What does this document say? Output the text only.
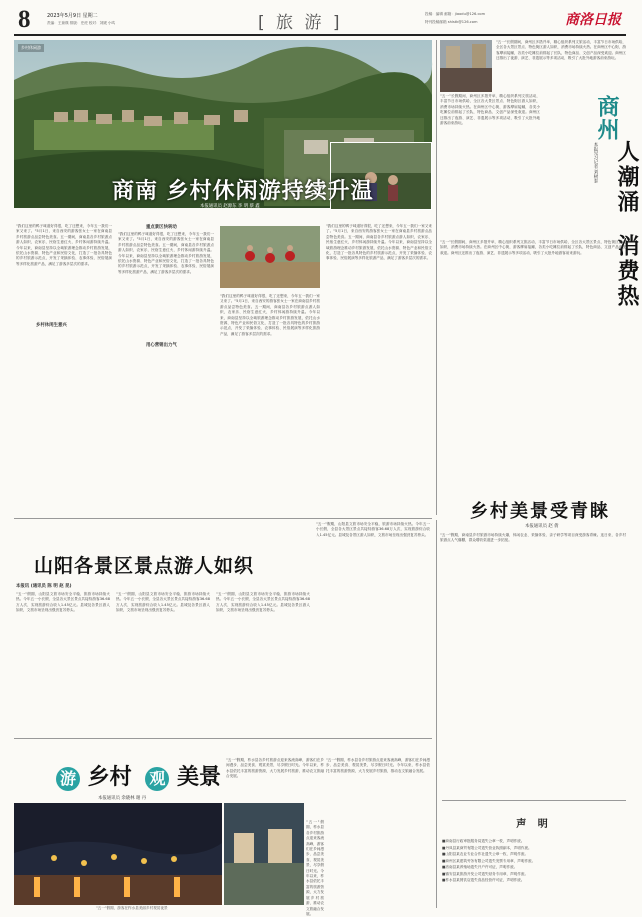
8	2023年5月9日 星期二
责编：王琼瑛 排版：史虎 校对：刘媛 小鸣	[ 旅 游 ]	投稿：编辑 邮箱：jiaodu@126.com
特刊投稿邮箱 shlstk@126.com	商洛日报
乡村休闲游
商南 乡村休闲游持续升温
本报通讯员 赵源东 李 明 蔡 鑫
"我们这里的鸭子味道好得很，吃了还想来，今年五一我们一家又来了。"5月1日，来自西安的游客张女士一家在商南县乡村旅游点品尝特色美食。五一期间，商南县各乡村旅游点游人如织，农家乐、民宿生意红火，乡村休闲游持续升温。今年以来，商南县坚持以全域旅游理念推动乡村旅游发展，依托山水资源、特色产业和民俗文化，打造了一批各具特色的乡村旅游示范点，开发了采摘体验、农事体验、民俗展演等多样化旅游产品，满足了游客多层次的需求。
乡村休闲生意兴
"我们这里的鸭子味道好得很，吃了还想来，今年五一我们一家又来了。"5月1日，来自西安的游客张女士一家在商南县乡村旅游点品尝特色美食。五一期间，商南县各乡村旅游点游人如织，农家乐、民宿生意红火，乡村休闲游持续升温。今年以来，商南县坚持以全域旅游理念推动乡村旅游发展，依托山水资源、特色产业和民俗文化，打造了一批各具特色的乡村旅游示范点，开发了采摘体验、农事体验、民俗展演等多样化旅游产品，满足了游客多层次的需求。
重点景区快转动
用心营销出力气
"我们这里的鸭子味道好得很，吃了还想来，今年五一我们一家又来了。"5月1日，来自西安的游客张女士一家在商南县乡村旅游点品尝特色美食。五一期间，商南县各乡村旅游点游人如织，农家乐、民宿生意红火，乡村休闲游持续升温。今年以来，商南县坚持以全域旅游理念推动乡村旅游发展，依托山水资源、特色产业和民俗文化，打造了一批各具特色的乡村旅游示范点，开发了采摘体验、农事体验、民俗展演等多样化旅游产品，满足了游客多层次的需求。
"我们这里的鸭子味道好得很，吃了还想来，今年五一我们一家又来了。"5月1日，来自西安的游客张女士一家在商南县乡村旅游点品尝特色美食。五一期间，商南县各乡村旅游点游人如织，农家乐、民宿生意红火，乡村休闲游持续升温。今年以来，商南县坚持以全域旅游理念推动乡村旅游发展，依托山水资源、特色产业和民俗文化，打造了一批各具特色的乡村旅游示范点，开发了采摘体验、农事体验、民俗展演等多样化旅游产品，满足了游客多层次的需求。
"五一"长假期间，商州区多措并举，精心组织系列文旅活动，丰富节日市场供给，全区各大景区景点、特色街区游人如织，消费市场持续火热。在商州区中心街，游客摩肩接踵，各类小吃摊位前排起了长队，特色商品、文创产品深受欢迎。商州区还推出了夜游、演艺、非遗展示等多项活动，吸引了大批外地游客前来游玩。
"五一"长假期间，商州区多措并举，精心组织系列文旅活动，丰富节日市场供给，全区各大景区景点、特色街区游人如织，消费市场持续火热。在商州区中心街，游客摩肩接踵，各类小吃摊位前排起了长队，特色商品、文创产品深受欢迎。商州区还推出了夜游、演艺、非遗展示等多项活动，吸引了大批外地游客前来游玩。	商州
人潮涌
消费热
本报见习记者 刘树泰
"五一"长假期间，商州区多措并举，精心组织系列文旅活动，丰富节日市场供给，全区各大景区景点、特色街区游人如织，消费市场持续火热。在商州区中心街，游客摩肩接踵，各类小吃摊位前排起了长队，特色商品、文创产品深受欢迎。商州区还推出了夜游、演艺、非遗展示等多项活动，吸引了大批外地游客前来游玩。
乡村美景受青睐
本报通讯员 赵 倩
"五一"假期，商南县乡村旅游市场持续火爆，休闲农业、采摘体验、亲子研学等项目深受游客青睐。连日来，各乡村旅游点人气爆棚，群众增收渠道进一步拓宽。
山阳各景区景点游人如织
"五一"假期，山阳县文旅市场安全平稳，旅游市场持续火热。今年五一小长假，全县各大景区景点共接待游客36.68万人次，实现旅游综合收入1.45亿元。县城及各景区游人如织，文旅市场呈现出强劲复苏势头。
"五一"假期，山阳县文旅市场安全平稳，旅游市场持续火热。今年五一小长假，全县各大景区景点共接待游客36.68万人次，实现旅游综合收入1.45亿元。县城及各景区游人如织，文旅市场呈现出强劲复苏势头。
"五一"假期，山阳县文旅市场安全平稳，旅游市场持续火热。今年五一小长假，全县各大景区景点共接待游客36.68万人次，实现旅游综合收入1.45亿元。县城及各景区游人如织，文旅市场呈现出强劲复苏势头。
"五一"假期，山阳县文旅市场安全平稳，旅游市场持续火热。今年五一小长假，全县各大景区景点共接待游客36.68万人次，实现旅游综合收入1.45亿元。县城及各景区游人如织，文旅市场呈现出强劲复苏势头。
本报讯 (通讯员 陈 明 赵 昆)
游 乡村 观 美景
本报通讯员 余晓林 谢 丹
"五一"假期，游客在柞水县美丽乡村观赏夜景
"五一"假期，柞水县各乡村旅游点迎来客流高峰，游客们在乡间漫步、品尝美食、观赏美景，尽享假日时光。今年以来，柞水县依托丰富的旅游资源，大力发展乡村旅游，推动农文旅融合发展。
"五一"假期，柞水县各乡村旅游点迎来客流高峰，游客们在乡间漫步、品尝美食、观赏美景，尽享假日时光。今年以来，柞水县依托丰富的旅游资源，大力发展乡村旅游，推动农文旅融合发展。
"五一"假期，柞水县各乡村旅游点迎来客流高峰，游客们在乡间漫步、品尝美食、观赏美景，尽享假日时光。今年以来，柞水县依托丰富的旅游资源，大力发展乡村旅游，推动农文旅融合发展。
声 明
■商南县行政审批服务局遗失公章一枚，声明作废。
■丹凤县某商贸有限公司遗失营业执照副本，声明作废。
■山阳县某农业专业合作社遗失公章一枚，声明作废。
■商州区某建筑劳务有限公司遗失发票专用章，声明作废。
■洛南县某养殖场遗失开户许可证，声明作废。
■镇安县某旅游开发公司遗失财务专用章，声明作废。
■柞水县某餐饮店遗失食品经营许可证，声明作废。
